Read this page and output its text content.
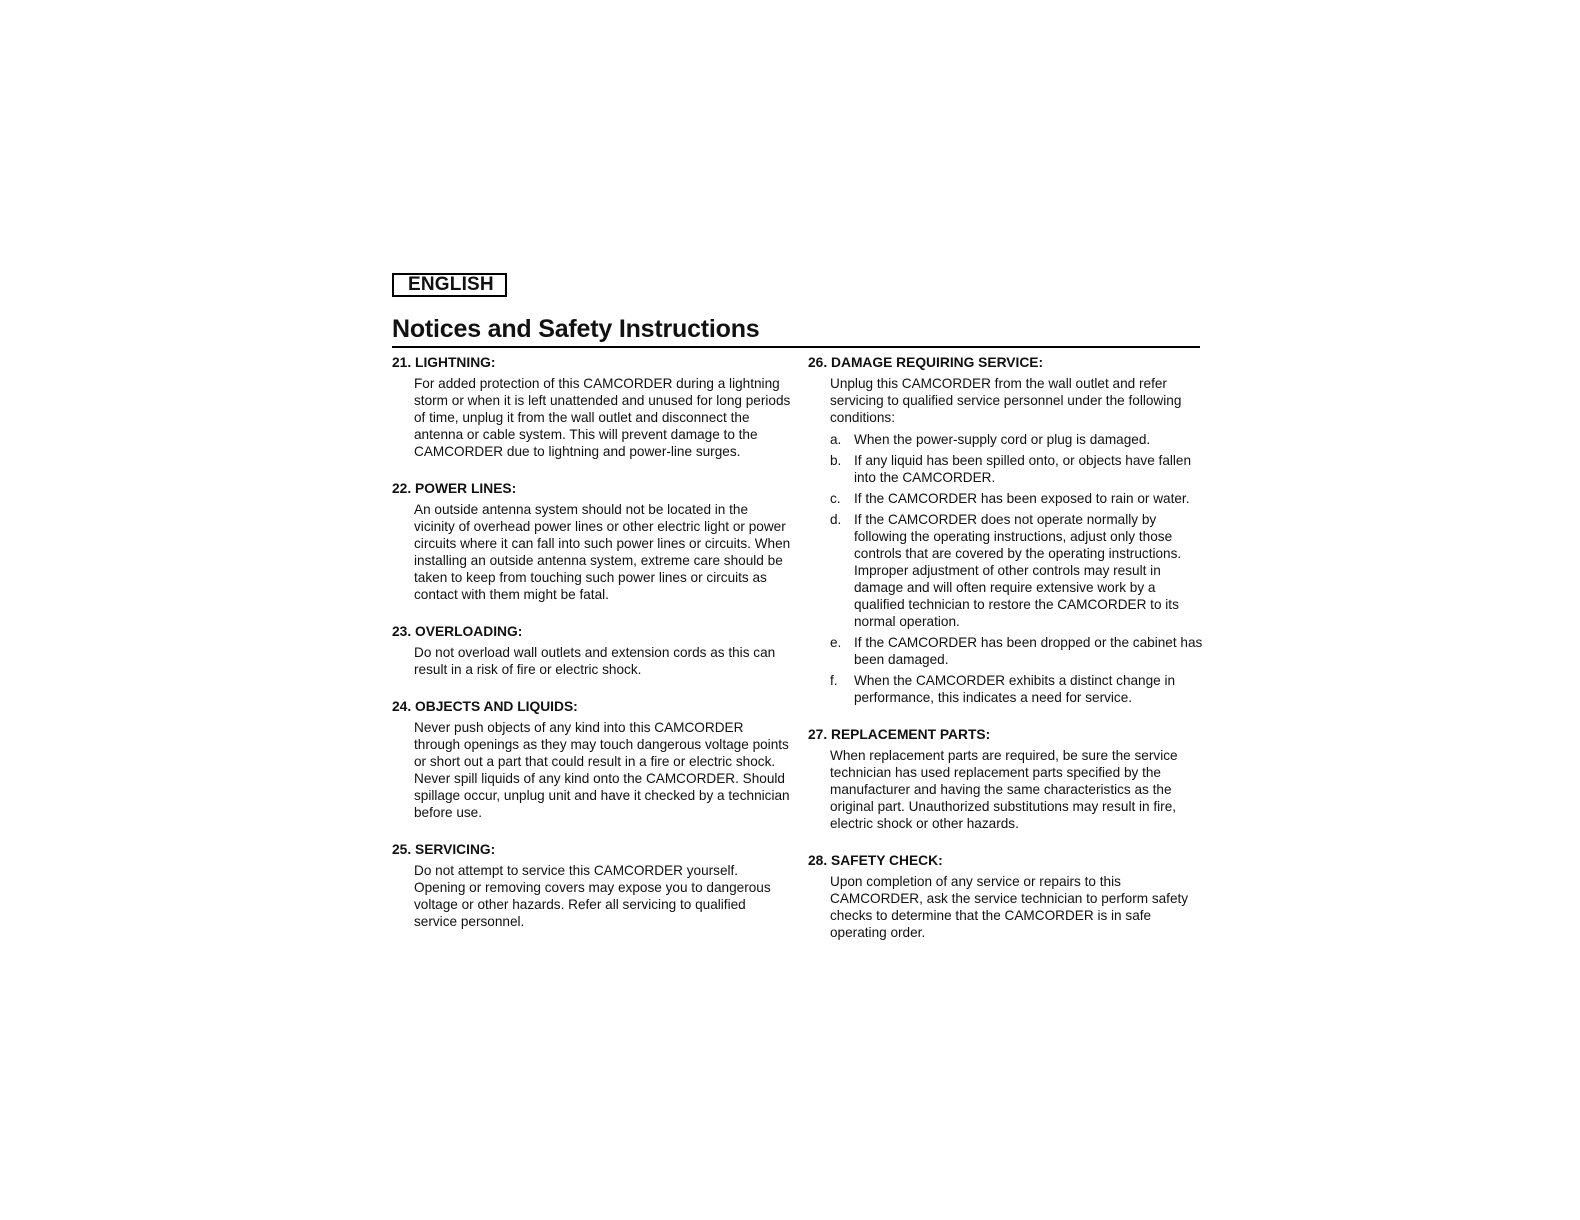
ENGLISH
Notices and Safety Instructions

21. LIGHTNING:

For added protection of this CAMCORDER during a lightning storm or when it is left unattended and unused for long periods of time, unplug it from the wall outlet and disconnect the antenna or cable system. This will prevent damage to the CAMCORDER due to lightning and power-line surges.

22. POWER LINES:

An outside antenna system should not be located in the vicinity of overhead power lines or other electric light or power circuits where it can fall into such power lines or circuits. When installing an outside antenna system, extreme care should be taken to keep from touching such power lines or circuits as contact with them might be fatal.

23. OVERLOADING:

Do not overload wall outlets and extension cords as this can result in a risk of fire or electric shock.

24. OBJECTS AND LIQUIDS:

Never push objects of any kind into this CAMCORDER through openings as they may touch dangerous voltage points or short out a part that could result in a fire or electric shock. Never spill liquids of any kind onto the CAMCORDER. Should spillage occur, unplug unit and have it checked by a technician before use.

25. SERVICING:

Do not attempt to service this CAMCORDER yourself. Opening or removing covers may expose you to dangerous voltage or other hazards. Refer all servicing to qualified service personnel.

26. DAMAGE REQUIRING SERVICE:

Unplug this CAMCORDER from the wall outlet and refer servicing to qualified service personnel under the following conditions:

a. When the power-supply cord or plug is damaged.
b. If any liquid has been spilled onto, or objects have fallen into the CAMCORDER.
c. If the CAMCORDER has been exposed to rain or water.
d. If the CAMCORDER does not operate normally by following the operating instructions, adjust only those controls that are covered by the operating instructions. Improper adjustment of other controls may result in damage and will often require extensive work by a qualified technician to restore the CAMCORDER to its normal operation.
e. If the CAMCORDER has been dropped or the cabinet has been damaged.
f.	When the CAMCORDER exhibits a distinct change in performance, this indicates a need for service.

27. REPLACEMENT PARTS:

When replacement parts are required, be sure the service technician has used replacement parts specified by the manufacturer and having the same characteristics as the original part. Unauthorized substitutions may result in fire, electric shock or other hazards.

28. SAFETY CHECK:

Upon completion of any service or repairs to this CAMCORDER, ask the service technician to perform safety checks to determine that the CAMCORDER is in safe operating order.
